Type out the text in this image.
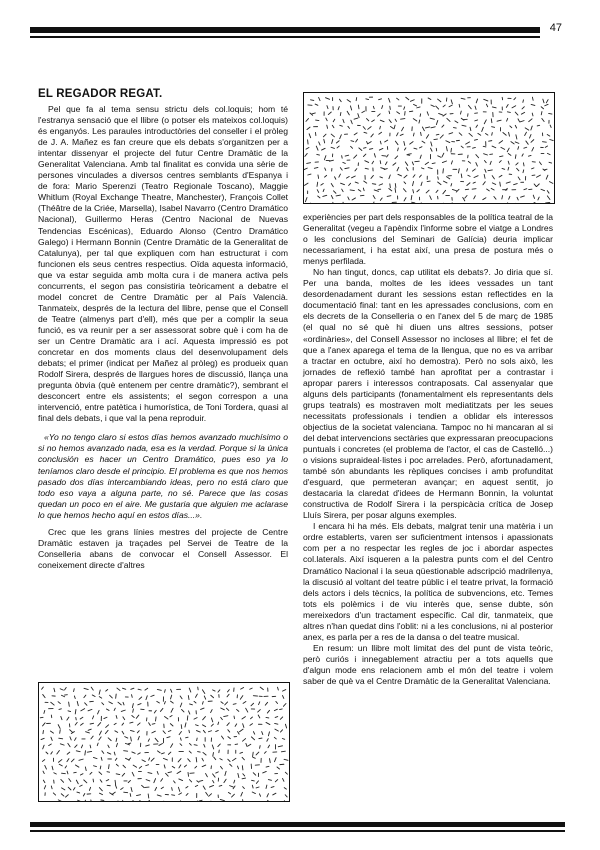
47
EL REGADOR REGAT.

Pel que fa al tema sensu strictu dels col.loquis; hom té l'estranya sensació que el llibre (o potser els mateixos col.loquis) és enganyós. Les paraules introductòries del conseller i el pròleg de J. A. Mañez es fan creure que els debats s'organitzen per a intentar dissenyar el projecte del futur Centre Dramàtic de la Generalitat Valenciana. Amb tal finalitat es convida una sèrie de persones vinculades a diversos centres semblants d'Espanya i de fora: Mario Sperenzi (Teatro Regionale Toscano), Maggie Whitlum (Royal Exchange Theatre, Manchester), François Collet (Théâtre de la Criée, Marsella), Isabel Navarro (Centro Dramático Nacional), Guillermo Heras (Centro Nacional de Nuevas Tendencias Escénicas), Eduardo Alonso (Centro Dramático Galego) i Hermann Bonnin (Centre Dramàtic de la Generalitat de Catalunya), per tal que expliquen com han estructurat i com funcionen els seus centres respectius. Oïda aquesta informació, que va estar seguida amb molta cura i de manera activa pels concurrents, el segon pas consistiria teòricament a debatre el model concret de Centre Dramàtic per al País Valencià. Tanmateix, després de la lectura del llibre, pense que el Consell de Teatre (almenys part d'ell), més que per a complir la seua funció, es va reunir per a ser assessorat sobre què i com ha de ser un Centre Dramàtic ara i ací. Aquesta impressió es pot concretar en dos moments claus del desenvolupament dels debats; el primer (indicat per Mañez al pròleg) es produeix quan Rodolf Sirera, després de llargues hores de discussió, llança una pregunta òbvia (què entenem per centre dramàtic?), sembrant el desconcert entre els assistents; el segon correspon a una intervenció, entre patètica i humorística, de Toni Tordera, quasi al final dels debats, i que val la pena reproduir.

«Yo no tengo claro si estos días hemos avanzado muchísimo o si no hemos avanzado nada, esa es la verdad. Porque si la única conclusión es hacer un Centro Dramático, pues eso ya lo teníamos claro desde el principio. El problema es que nos hemos pasado dos días intercambiando ideas, pero no está claro que todo eso vaya a alguna parte, no sé. Parece que las cosas quedan un poco en el aire. Me gustaria que alguien me aclarase lo que hemos hecho aquí en estos días...».

Crec que les grans línies mestres del projecte de Centre Dramàtic estaven ja traçades pel Servei de Teatre de la Conselleria abans de convocar el Consell Assessor. El coneixement directe d'altres

experiències per part dels responsables de la política teatral de la Generalitat (vegeu a l'apèndix l'informe sobre el viatge a Londres o les conclusions del Seminari de Galícia) deuria implicar necessariament, i ha estat així, una presa de postura més o menys perfilada.

No han tingut, doncs, cap utilitat els debats?. Jo diria que sí. Per una banda, moltes de les idees vessades un tant desordenadament durant les sessions estan reflectides en la documentació final: tant en les apressades conclusions, com en els decrets de la Conselleria o en l'anex del 5 de març de 1985 (el qual no sé què hi diuen uns altres sessions, potser «ordinàries», del Consell Assessor no incloses al llibre; el fet de que a l'anex aparega el tema de la llengua, que no es va arribar a tractar en octubre, així ho demostra). Però no sols això, les jornades de reflexió també han aprofitat per a contrastar i apropar parers i interessos contraposats. Cal assenyalar que alguns dels participants (fonamentalment els representants dels grups teatrals) es mostraven molt mediatitzats per les seues necessitats professionals i tendien a oblidar els interessos objectius de la societat valenciana. Tampoc no hi mancaran al si del debat intervencions sectàries que expressaran preocupacions puntuals i concretes (el problema de l'actor, el cas de Castelló...) o visions supraideal·listes i poc arrelades. Però, afortunadament, també són abundants les rèpliques concises i amb profunditat d'esguard, que permeteran avançar; en aquest sentit, jo destacaria la claredat d'idees de Hermann Bonnin, la voluntat constructiva de Rodolf Sirera i la perspicàcia crítica de Josep Lluís Sirera, per posar alguns exemples.

I encara hi ha més. Els debats, malgrat tenir una matèria i un ordre establerts, varen ser suficientment intensos i apassionats com per a no respectar les regles de joc i abordar aspectes col.laterals. Així isqueren a la palestra punts com el del Centro Dramático Nacional i la seua qüestionable adscripció madrilenya, la discusió al voltant del teatre públic i el teatre privat, la formació dels actors i dels tècnics, la política de subvencions, etc. Temes tots els polèmics i de viu interès que, sense dubte, són mereixedors d'un tractament específic. Cal dir, tanmateix, que altres n'han quedat dins l'oblit: ni a les conclusions, ni al posterior anex, es parla per a res de la dansa o del teatre musical.

En resum: un llibre molt limitat des del punt de vista teòric, però curiós i innegablement atractiu per a tots aquells que d'algun mode ens relacionem amb el món del teatre i volem saber de què va el Centre Dramàtic de la Generalitat Valenciana.
